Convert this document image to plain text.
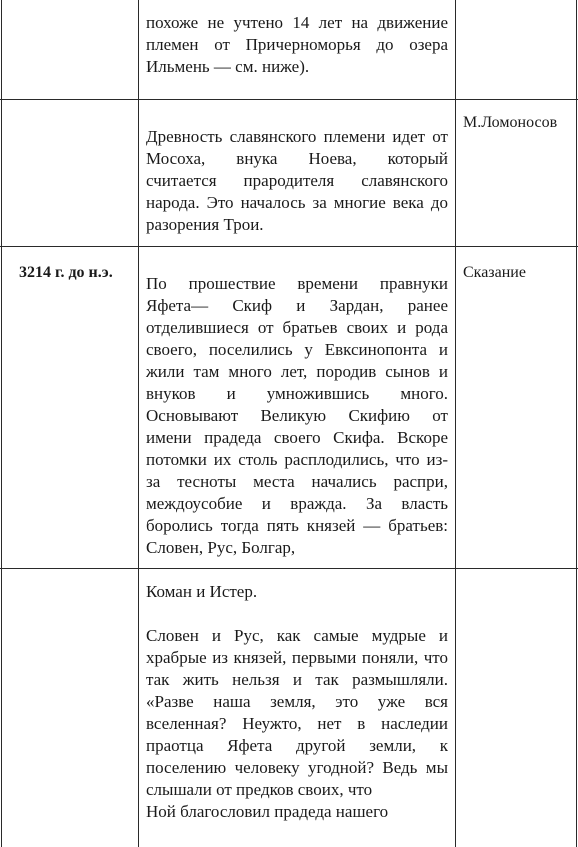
похоже не учтено 14 лет на движение
племен от Причерноморья до озера
Ильмень — см. ниже).
М.Ломоносов
Древность славянского племени идет от
Мосоха, внука Ноева, который
считается прародителя славянского
народа. Это началось за многие века до
разорения Трои.
3214 г. до н.э.	Сказание
По прошествие времени правнуки
Яфета— Скиф и Зардан, ранее
отделившиеся от братьев своих и рода
своего, поселились у Евксинопонта и
жили там много лет, породив сынов и
внуков и умножившись много.
Основывают Великую Скифию от
имени прадеда своего Скифа. Вскоре
потомки их столь расплодились, что из-
за тесноты места начались распри,
междоусобие и вражда. За власть
боролись тогда пять князей — братьев:
Словен, Рус, Болгар,
Коман и Истер.
Словен и Рус, как самые мудрые и
храбрые из князей, первыми поняли, что
так жить нельзя и так размышляли.
«Разве наша земля, это уже вся
вселенная? Неужто, нет в наследии
праотца Яфета другой земли, к
поселению человеку угодной? Ведь мы
слышали от предков своих, что
Ной благословил прадеда нашего
